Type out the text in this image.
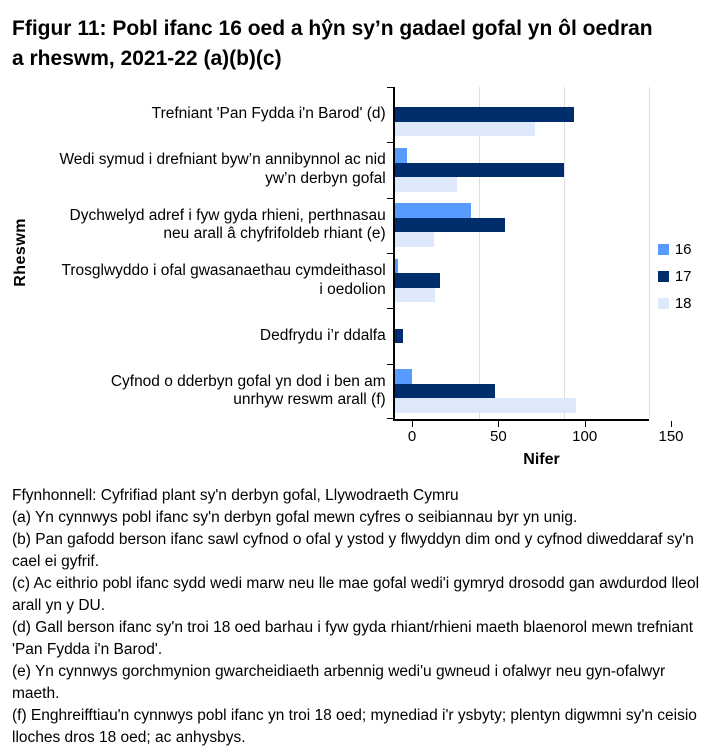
Ffigur 11: Pobl ifanc 16 oed a hŷn sy’n gadael gofal yn ôl oedran a rheswm, 2021-22 (a)(b)(c)
Rheswm
Trefniant 'Pan Fydda i'n Barod' (d)
Wedi symud i drefniant byw’n annibynnol ac nid yw’n derbyn gofal
Dychwelyd adref i fyw gyda rhieni, perthnasau neu arall â chyfrifoldeb rhiant (e)
Trosglwyddo i ofal gwasanaethau cymdeithasol i oedolion
Dedfrydu i’r ddalfa
Cyfnod o dderbyn gofal yn dod i ben am unrhyw reswm arall (f)
16
17
18
0	50	100	150
Nifer

Ffynhonnell: Cyfrifiad plant sy'n derbyn gofal, Llywodraeth Cymru

(a) Yn cynnwys pobl ifanc sy'n derbyn gofal mewn cyfres o seibiannau byr yn unig.

(b) Pan gafodd berson ifanc sawl cyfnod o ofal y ystod y flwyddyn dim ond y cyfnod diweddaraf sy'n cael ei gyfrif.

(c) Ac eithrio pobl ifanc sydd wedi marw neu lle mae gofal wedi'i gymryd drosodd gan awdurdod lleol arall yn y DU.

(d) Gall berson ifanc sy'n troi 18 oed barhau i fyw gyda rhiant/rhieni maeth blaenorol mewn trefniant 'Pan Fydda i'n Barod'.

(e) Yn cynnwys gorchmynion gwarcheidiaeth arbennig wedi'u gwneud i ofalwyr neu gyn-ofalwyr maeth.

(f) Enghreifftiau'n cynnwys pobl ifanc yn troi 18 oed; mynediad i'r ysbyty; plentyn digwmni sy'n ceisio lloches dros 18 oed; ac anhysbys.
